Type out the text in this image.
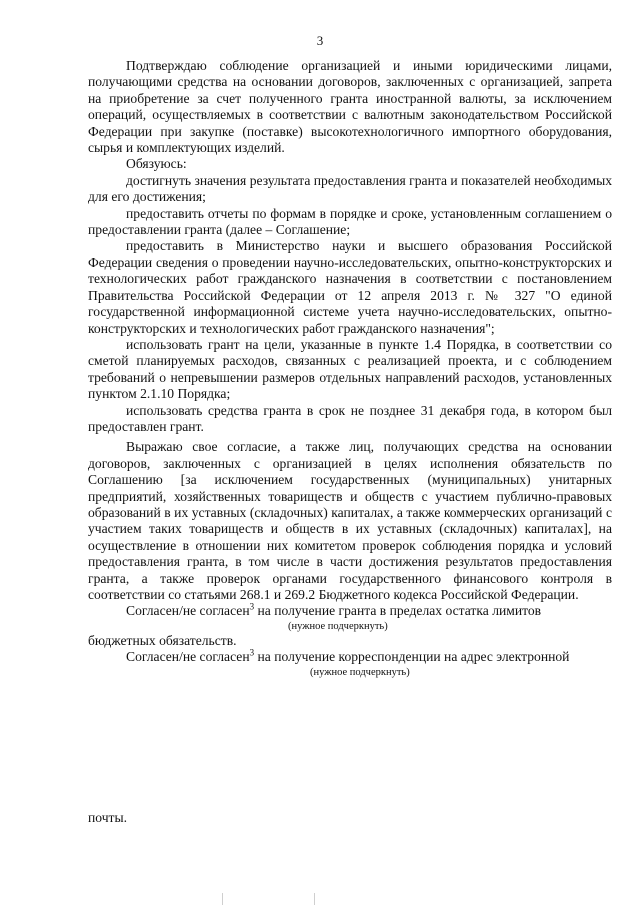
3

Подтверждаю соблюдение организацией и иными юридическими лицами, получающими средства на основании договоров, заключенных с организацией, запрета на приобретение за счет полученного гранта иностранной валюты, за исключением операций, осуществляемых в соответствии с валютным законодательством Российской Федерации при закупке (поставке) высокотехнологичного импортного оборудования, сырья и комплектующих изделий.

Обязуюсь:

достигнуть значения результата предоставления гранта и показателей необходимых для его достижения;

предоставить отчеты по формам в порядке и сроке, установленным соглашением о предоставлении гранта (далее – Соглашение;

предоставить в Министерство науки и высшего образования Российской Федерации сведения о проведении научно-исследовательских, опытно-конструкторских и технологических работ гражданского назначения в соответствии с постановлением Правительства Российской Федерации от 12 апреля 2013 г. № 327 "О единой государственной информационной системе учета научно-исследовательских, опытно-конструкторских и технологических работ гражданского назначения";

использовать грант на цели, указанные в пункте 1.4 Порядка, в соответствии со сметой планируемых расходов, связанных с реализацией проекта, и с соблюдением требований о непревышении размеров отдельных направлений расходов, установленных пунктом 2.1.10 Порядка;

использовать средства гранта в срок не позднее 31 декабря года, в котором был предоставлен грант.

Выражаю свое согласие, а также лиц, получающих средства на основании договоров, заключенных с организацией в целях исполнения обязательств по Соглашению [за исключением государственных (муниципальных) унитарных предприятий, хозяйственных товариществ и обществ с участием публично-правовых образований в их уставных (складочных) капиталах, а также коммерческих организаций с участием таких товариществ и обществ в их уставных (складочных) капиталах], на осуществление в отношении них комитетом проверок соблюдения порядка и условий предоставления гранта, в том числе в части достижения результатов предоставления гранта, а также проверок органами государственного финансового контроля в соответствии со статьями 268.1 и 269.2 Бюджетного кодекса Российской Федерации.

Согласен/не согласен$^3$ на получение гранта в пределах остатка лимитов

(нужное подчеркнуть)

бюджетных обязательств.

Согласен/не согласен$^3$ на получение корреспонденции на адрес электронной

(нужное подчеркнуть)

почты.
